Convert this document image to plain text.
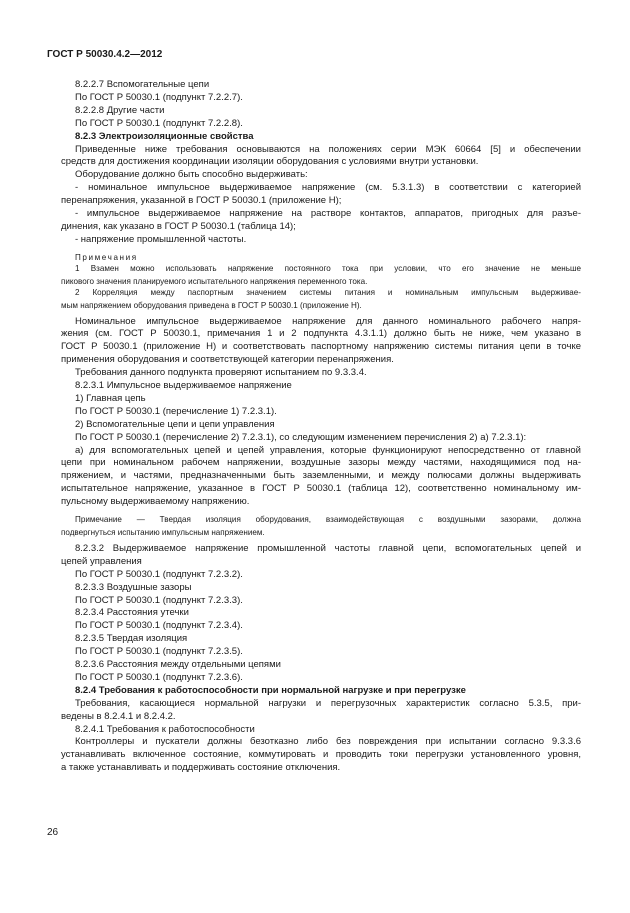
ГОСТ Р 50030.4.2—2012
8.2.2.7 Вспомогательные цепи
По ГОСТ Р 50030.1 (подпункт 7.2.2.7).
8.2.2.8 Другие части
По ГОСТ Р 50030.1 (подпункт 7.2.2.8).
8.2.3 Электроизоляционные свойства
Приведенные ниже требования основываются на положениях серии МЭК 60664 [5] и обеспечении
средств для достижения координации изоляции оборудования с условиями внутри установки.
Оборудование должно быть способно выдерживать:
- номинальное импульсное выдерживаемое напряжение (см. 5.3.1.3) в соответствии с категорией
перенапряжения, указанной в ГОСТ Р 50030.1 (приложение Н);
- импульсное выдерживаемое напряжение на растворе контактов, аппаратов, пригодных для разъе-
динения, как указано в ГОСТ Р 50030.1 (таблица 14);
- напряжение промышленной частоты.
Примечания
1 Взамен можно использовать напряжение постоянного тока при условии, что его значение не меньше
пикового значения планируемого испытательного напряжения переменного тока.
2 Корреляция между паспортным значением системы питания и номинальным импульсным выдерживае-
мым напряжением оборудования приведена в ГОСТ Р 50030.1 (приложение Н).
Номинальное импульсное выдерживаемое напряжение для данного номинального рабочего напря-
жения (см. ГОСТ Р 50030.1, примечания 1 и 2 подпункта 4.3.1.1) должно быть не ниже, чем указано в
ГОСТ Р 50030.1 (приложение Н) и соответствовать паспортному напряжению системы питания цепи в точке
применения оборудования и соответствующей категории перенапряжения.
Требования данного подпункта проверяют испытанием по 9.3.3.4.
8.2.3.1 Импульсное выдерживаемое напряжение
1) Главная цепь
По ГОСТ Р 50030.1 (перечисление 1) 7.2.3.1).
2) Вспомогательные цепи и цепи управления
По ГОСТ Р 50030.1 (перечисление 2) 7.2.3.1), со следующим изменением перечисления 2) а) 7.2.3.1):
а) для вспомогательных цепей и цепей управления, которые функционируют непосредственно от главной
цепи при номинальном рабочем напряжении, воздушные зазоры между частями, находящимися под на-
пряжением, и частями, предназначенными быть заземленными, и между полюсами должны выдерживать
испытательное напряжение, указанное в ГОСТ Р 50030.1 (таблица 12), соответственно номинальному им-
пульсному выдерживаемому напряжению.
Примечание — Твердая изоляция оборудования, взаимодействующая с воздушными зазорами, должна
подвергнуться испытанию импульсным напряжением.
8.2.3.2 Выдерживаемое напряжение промышленной частоты главной цепи, вспомогательных цепей и
цепей управления
По ГОСТ Р 50030.1 (подпункт 7.2.3.2).
8.2.3.3 Воздушные зазоры
По ГОСТ Р 50030.1 (подпункт 7.2.3.3).
8.2.3.4 Расстояния утечки
По ГОСТ Р 50030.1 (подпункт 7.2.3.4).
8.2.3.5 Твердая изоляция
По ГОСТ Р 50030.1 (подпункт 7.2.3.5).
8.2.3.6 Расстояния между отдельными цепями
По ГОСТ Р 50030.1 (подпункт 7.2.3.6).
8.2.4 Требования к работоспособности при нормальной нагрузке и при перегрузке
Требования, касающиеся нормальной нагрузки и перегрузочных характеристик согласно 5.3.5, при-
ведены в 8.2.4.1 и 8.2.4.2.
8.2.4.1 Требования к работоспособности
Контроллеры и пускатели должны безотказно либо без повреждения при испытании согласно 9.3.3.6
устанавливать включенное состояние, коммутировать и проводить токи перегрузки установленного уровня,
а также устанавливать и поддерживать состояние отключения.
26
